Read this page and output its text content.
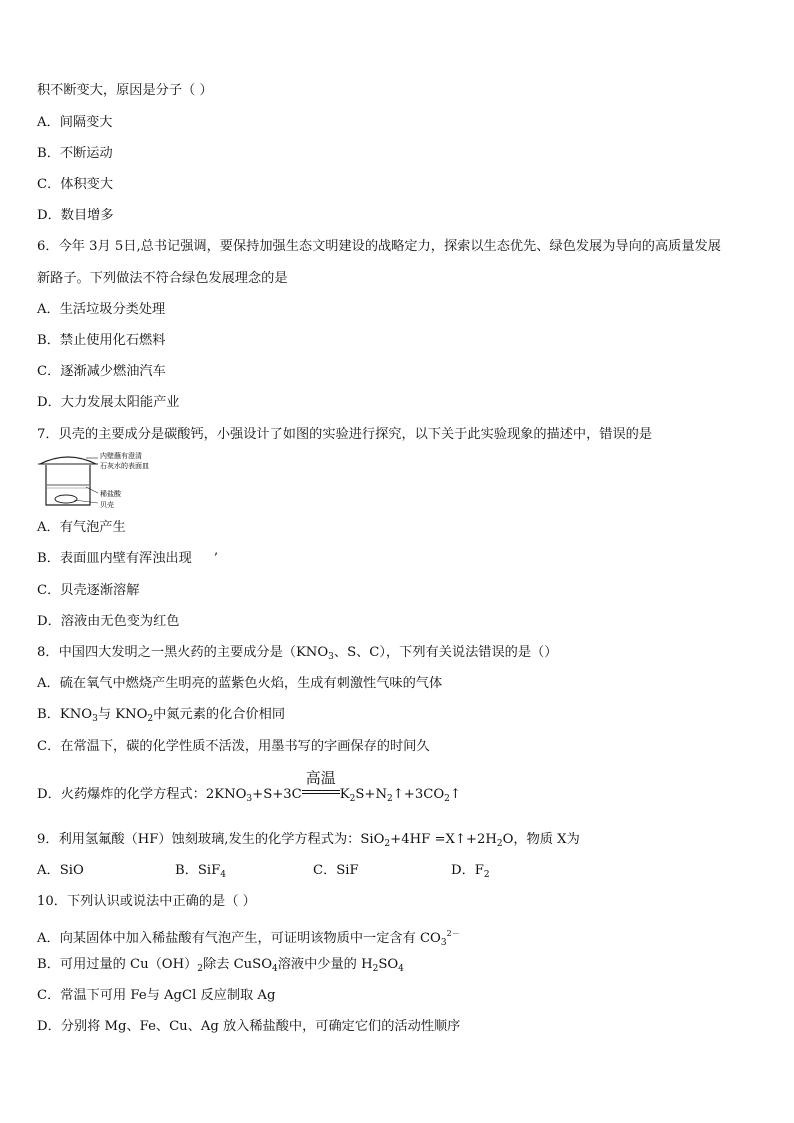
积不断变大，原因是分子（ ）
A．间隔变大
B．不断运动
C．体积变大
D．数目增多
6．今年 3月 5日,总书记强调，要保持加强生态文明建设的战略定力，探索以生态优先、绿色发展为导向的高质量发展
新路子。下列做法不符合绿色发展理念的是
A．生活垃圾分类处理
B．禁止使用化石燃料
C．逐渐减少燃油汽车
D．大力发展太阳能产业
7．贝壳的主要成分是碳酸钙，小强设计了如图的实验进行探究，以下关于此实验现象的描述中，错误的是
内壁蘸有澄清
石灰水的表面皿
稀盐酸
贝壳
A．有气泡产生
B．表面皿内壁有浑浊出现 ’
C．贝壳逐渐溶解
D．溶液由无色变为红色
8．中国四大发明之一黑火药的主要成分是（$KNO_3$、S、C），下列有关说法错误的是（）
A．硫在氧气中燃烧产生明亮的蓝紫色火焰，生成有刺激性气味的气体
B．$KNO_3$与 $KNO_2$中氮元素的化合价相同
C．在常温下，碳的化学性质不活泼，用墨书写的字画保存的时间久
D．火药爆炸的化学方程式：$2KNO_3+S+3C$
高温
$K_2S+N_2↑+3CO_2↑$
9．利用氢氟酸（HF）蚀刻玻璃,发生的化学方程式为：$SiO_2+4HF =X↑+2H_2O$，物质 X为
A．SiO	B．SiF$_4$	C．SiF	D．$F_2$
10．下列认识或说法中正确的是（ ）
A．向某固体中加入稀盐酸有气泡产生，可证明该物质中一定含有 $CO_3^{2-}$
B．可用过量的 $Cu(OH)_2$除去 CuSO$_4$溶液中少量的 $H_2SO_4$
C．常温下可用 Fe与 AgCl 反应制取 Ag
D．分别将 Mg、Fe、Cu、Ag 放入稀盐酸中，可确定它们的活动性顺序
